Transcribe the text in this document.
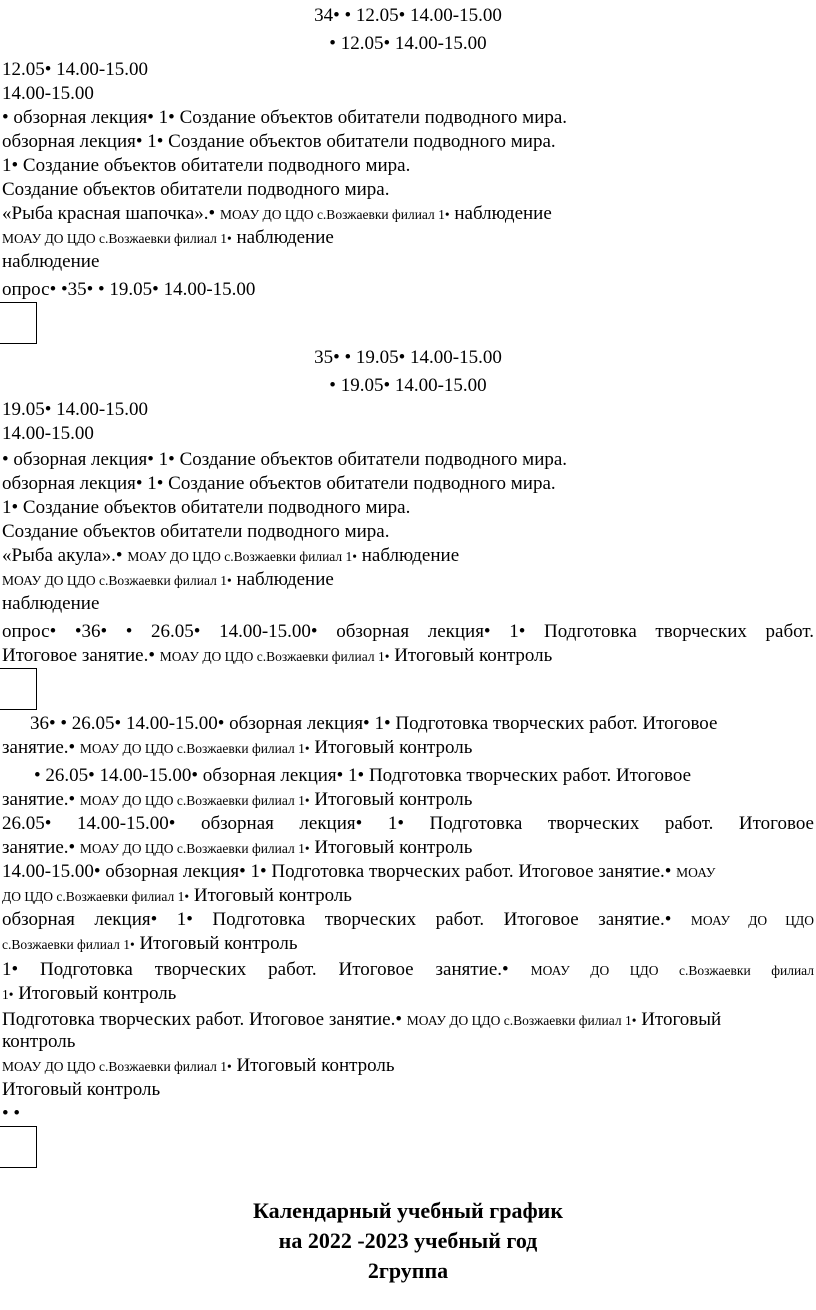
34• • 12.05• 14.00-15.00
• 12.05• 14.00-15.00
12.05• 14.00-15.00
14.00-15.00
• обзорная лекция• 1• Создание объектов обитатели подводного мира.
обзорная лекция• 1• Создание объектов обитатели подводного мира.
1• Создание объектов обитатели подводного мира.
Создание объектов обитатели подводного мира.
«Рыба красная шапочка».• МОАУ ДО ЦДО с.Возжаевки филиал 1• наблюдение
МОАУ ДО ЦДО с.Возжаевки филиал 1• наблюдение
наблюдение
опрос• •35• • 19.05• 14.00-15.00
35• • 19.05• 14.00-15.00
• 19.05• 14.00-15.00
19.05• 14.00-15.00
14.00-15.00
• обзорная лекция• 1• Создание объектов обитатели подводного мира.
обзорная лекция• 1• Создание объектов обитатели подводного мира.
1• Создание объектов обитатели подводного мира.
Создание объектов обитатели подводного мира.
«Рыба акула».• МОАУ ДО ЦДО с.Возжаевки филиал 1• наблюдение
МОАУ ДО ЦДО с.Возжаевки филиал 1• наблюдение
наблюдение
опрос• •36• • 26.05• 14.00-15.00• обзорная лекция• 1• Подготовка творческих работ.
Итоговое занятие.• МОАУ ДО ЦДО с.Возжаевки филиал 1• Итоговый контроль
36• • 26.05• 14.00-15.00• обзорная лекция• 1• Подготовка творческих работ. Итоговое
занятие.• МОАУ ДО ЦДО с.Возжаевки филиал 1• Итоговый контроль
• 26.05• 14.00-15.00• обзорная лекция• 1• Подготовка творческих работ. Итоговое
занятие.• МОАУ ДО ЦДО с.Возжаевки филиал 1• Итоговый контроль
26.05• 14.00-15.00• обзорная лекция• 1• Подготовка творческих работ. Итоговое
занятие.• МОАУ ДО ЦДО с.Возжаевки филиал 1• Итоговый контроль
14.00-15.00• обзорная лекция• 1• Подготовка творческих работ. Итоговое занятие.• МОАУ
ДО ЦДО с.Возжаевки филиал 1• Итоговый контроль
обзорная лекция• 1• Подготовка творческих работ. Итоговое занятие.• МОАУ ДО ЦДО
с.Возжаевки филиал 1• Итоговый контроль
1• Подготовка творческих работ. Итоговое занятие.• МОАУ ДО ЦДО с.Возжаевки филиал
1• Итоговый контроль
Подготовка творческих работ. Итоговое занятие.• МОАУ ДО ЦДО с.Возжаевки филиал 1• Итоговый
контроль
МОАУ ДО ЦДО с.Возжаевки филиал 1• Итоговый контроль
Итоговый контроль
• •
Календарный учебный график
на 2022 -2023 учебный год
2группа
